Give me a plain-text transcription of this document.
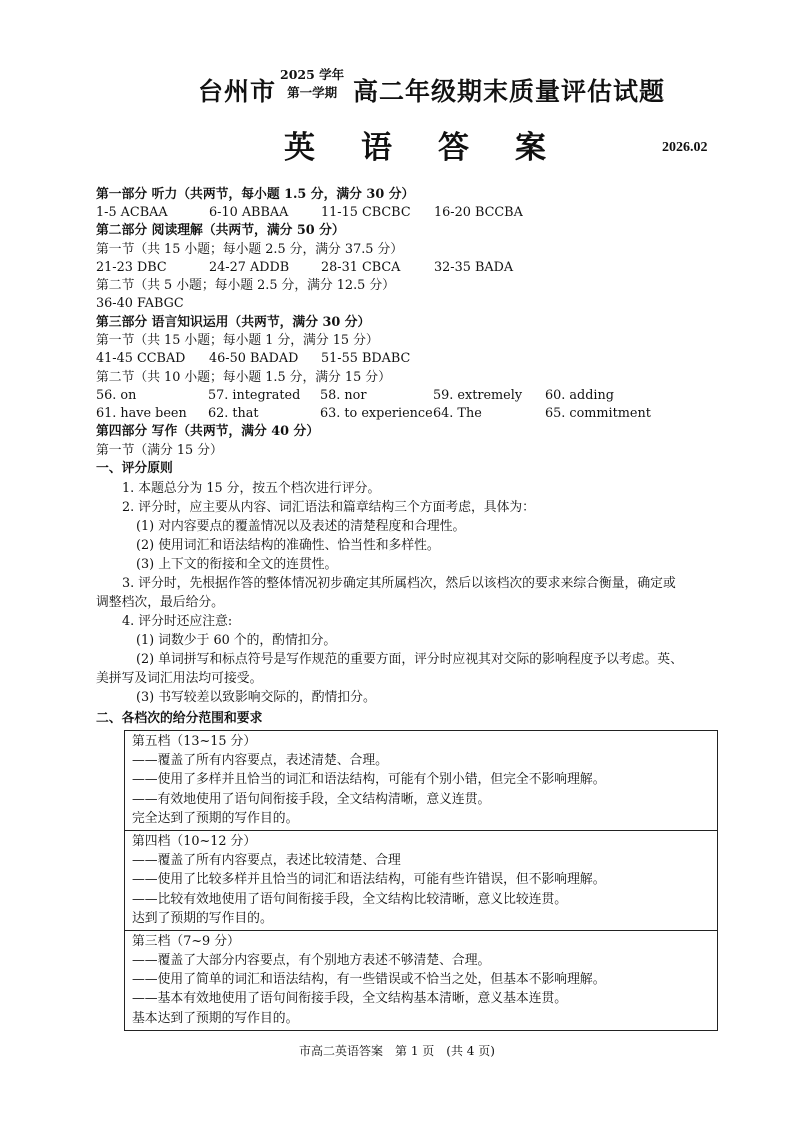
台州市
2025 学年
第一学期 高二年级期末质量评估试题
英语答案	2026.02
第一部分 听力（共两节，每小题 1.5 分，满分 30 分）
1-5 ACBAA	6-10 ABBAA	11-15 CBCBC 16-20 BCCBA
第二部分 阅读理解（共两节，满分 50 分）
第一节（共 15 小题；每小题 2.5 分，满分 37.5 分）
21-23 DBC	24-27 ADDB 28-31 CBCA	32-35 BADA
第二节（共 5 小题；每小题 2.5 分，满分 12.5 分）
36-40 FABGC
第三部分 语言知识运用（共两节，满分 30 分）
第一节（共 15 小题；每小题 1 分，满分 15 分）
41-45 CCBAD 46-50 BADAD 51-55 BDABC
第二节（共 10 小题；每小题 1.5 分，满分 15 分）
56. on	57. integrated 58. nor	59. extremely 60. adding
61. have been 62. that	63. to experience 64. The	65. commitment
第四部分 写作（共两节，满分 40 分）
第一节（满分 15 分）
一、评分原则
1. 本题总分为 15 分，按五个档次进行评分。
2. 评分时，应主要从内容、词汇语法和篇章结构三个方面考虑，具体为：
(1) 对内容要点的覆盖情况以及表述的清楚程度和合理性。
(2) 使用词汇和语法结构的准确性、恰当性和多样性。
(3) 上下文的衔接和全文的连贯性。
3. 评分时，先根据作答的整体情况初步确定其所属档次，然后以该档次的要求来综合衡量，确定或
调整档次，最后给分。
4. 评分时还应注意:
(1) 词数少于 60 个的，酌情扣分。
(2) 单词拼写和标点符号是写作规范的重要方面，评分时应视其对交际的影响程度予以考虑。英、
美拼写及词汇用法均可接受。
(3) 书写较差以致影响交际的，酌情扣分。
二、各档次的给分范围和要求
第五档（13~15 分）
——覆盖了所有内容要点，表述清楚、合理。
——使用了多样并且恰当的词汇和语法结构，可能有个别小错，但完全不影响理解。
——有效地使用了语句间衔接手段，全文结构清晰，意义连贯。
完全达到了预期的写作目的。
第四档（10~12 分）
——覆盖了所有内容要点，表述比较清楚、合理
——使用了比较多样并且恰当的词汇和语法结构，可能有些许错误，但不影响理解。
——比较有效地使用了语句间衔接手段，全文结构比较清晰，意义比较连贯。
达到了预期的写作目的。
第三档（7~9 分）
——覆盖了大部分内容要点，有个别地方表述不够清楚、合理。
——使用了简单的词汇和语法结构，有一些错误或不恰当之处，但基本不影响理解。
——基本有效地使用了语句间衔接手段，全文结构基本清晰，意义基本连贯。
基本达到了预期的写作目的。
市高二英语答案　第 1 页　(共 4 页)
